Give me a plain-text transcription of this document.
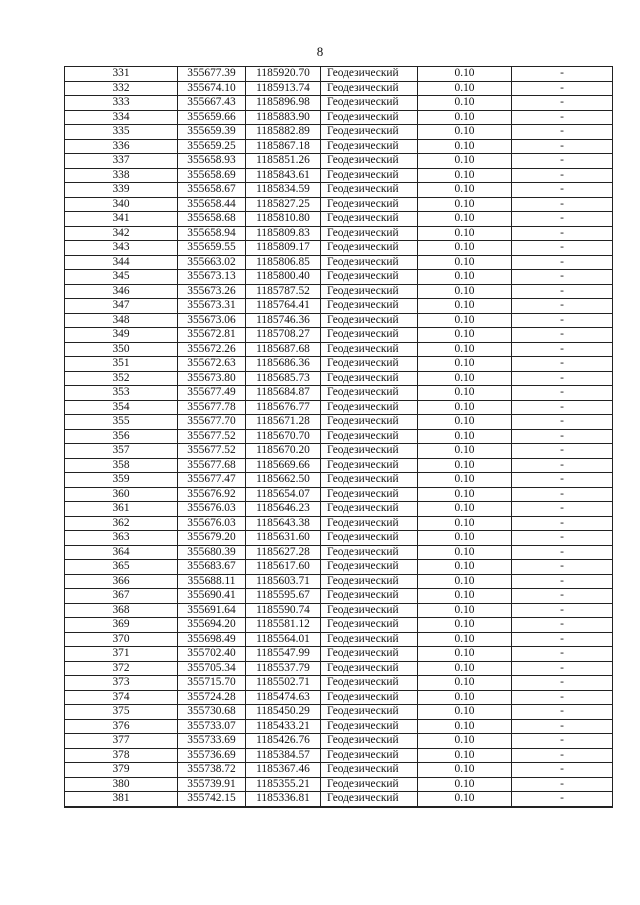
8
331	355677.39	1185920.70	Геодезический	0.10	-
332	355674.10	1185913.74	Геодезический	0.10	-
333	355667.43	1185896.98	Геодезический	0.10	-
334	355659.66	1185883.90	Геодезический	0.10	-
335	355659.39	1185882.89	Геодезический	0.10	-
336	355659.25	1185867.18	Геодезический	0.10	-
337	355658.93	1185851.26	Геодезический	0.10	-
338	355658.69	1185843.61	Геодезический	0.10	-
339	355658.67	1185834.59	Геодезический	0.10	-
340	355658.44	1185827.25	Геодезический	0.10	-
341	355658.68	1185810.80	Геодезический	0.10	-
342	355658.94	1185809.83	Геодезический	0.10	-
343	355659.55	1185809.17	Геодезический	0.10	-
344	355663.02	1185806.85	Геодезический	0.10	-
345	355673.13	1185800.40	Геодезический	0.10	-
346	355673.26	1185787.52	Геодезический	0.10	-
347	355673.31	1185764.41	Геодезический	0.10	-
348	355673.06	1185746.36	Геодезический	0.10	-
349	355672.81	1185708.27	Геодезический	0.10	-
350	355672.26	1185687.68	Геодезический	0.10	-
351	355672.63	1185686.36	Геодезический	0.10	-
352	355673.80	1185685.73	Геодезический	0.10	-
353	355677.49	1185684.87	Геодезический	0.10	-
354	355677.78	1185676.77	Геодезический	0.10	-
355	355677.70	1185671.28	Геодезический	0.10	-
356	355677.52	1185670.70	Геодезический	0.10	-
357	355677.52	1185670.20	Геодезический	0.10	-
358	355677.68	1185669.66	Геодезический	0.10	-
359	355677.47	1185662.50	Геодезический	0.10	-
360	355676.92	1185654.07	Геодезический	0.10	-
361	355676.03	1185646.23	Геодезический	0.10	-
362	355676.03	1185643.38	Геодезический	0.10	-
363	355679.20	1185631.60	Геодезический	0.10	-
364	355680.39	1185627.28	Геодезический	0.10	-
365	355683.67	1185617.60	Геодезический	0.10	-
366	355688.11	1185603.71	Геодезический	0.10	-
367	355690.41	1185595.67	Геодезический	0.10	-
368	355691.64	1185590.74	Геодезический	0.10	-
369	355694.20	1185581.12	Геодезический	0.10	-
370	355698.49	1185564.01	Геодезический	0.10	-
371	355702.40	1185547.99	Геодезический	0.10	-
372	355705.34	1185537.79	Геодезический	0.10	-
373	355715.70	1185502.71	Геодезический	0.10	-
374	355724.28	1185474.63	Геодезический	0.10	-
375	355730.68	1185450.29	Геодезический	0.10	-
376	355733.07	1185433.21	Геодезический	0.10	-
377	355733.69	1185426.76	Геодезический	0.10	-
378	355736.69	1185384.57	Геодезический	0.10	-
379	355738.72	1185367.46	Геодезический	0.10	-
380	355739.91	1185355.21	Геодезический	0.10	-
381	355742.15	1185336.81	Геодезический	0.10	-
